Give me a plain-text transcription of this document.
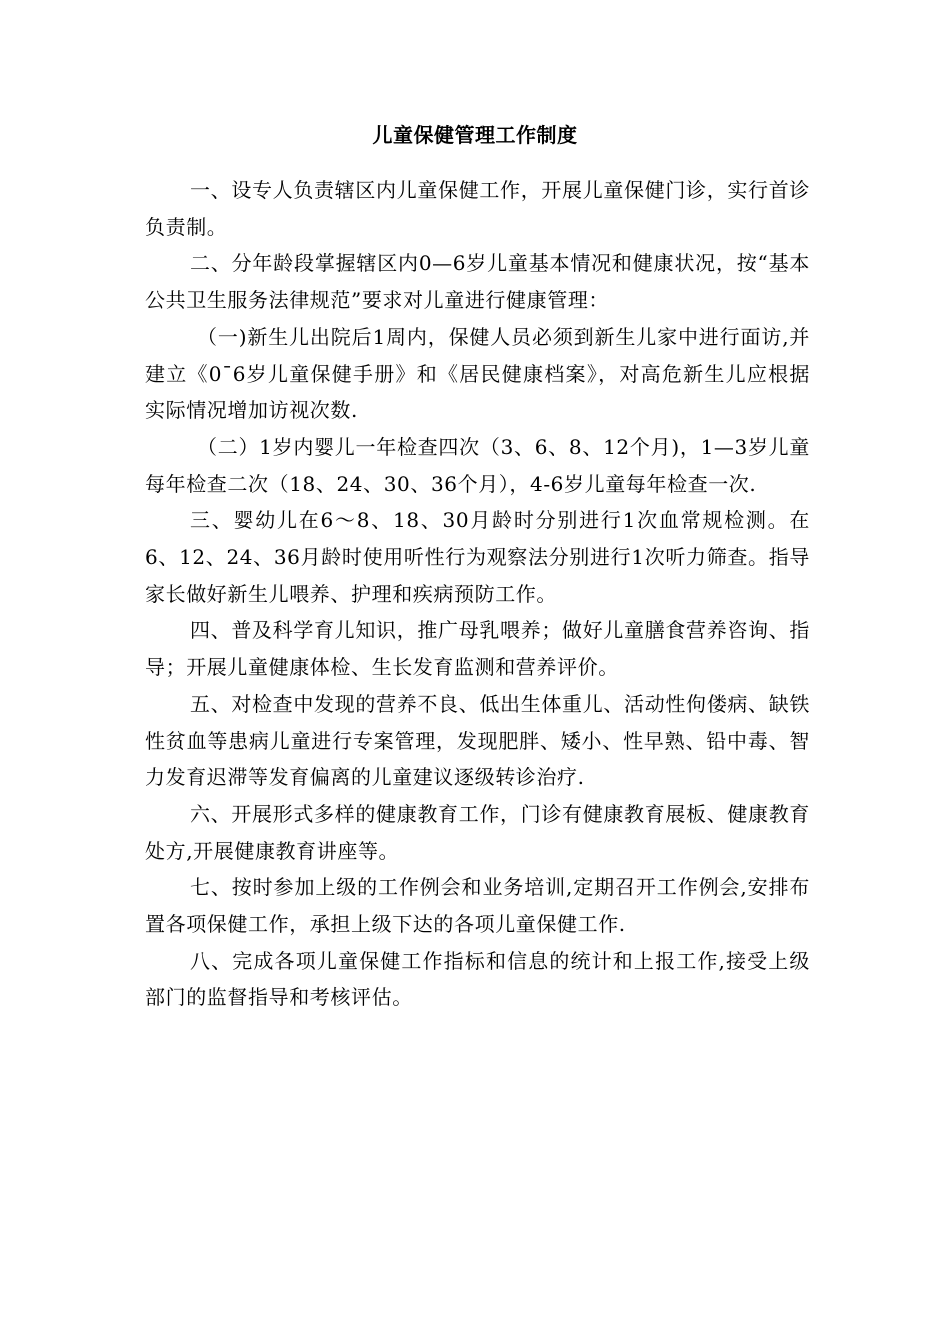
儿童保健管理工作制度

一、设专人负责辖区内儿童保健工作，开展儿童保健门诊，实行首诊负责制。

二、分年龄段掌握辖区内0—6岁儿童基本情况和健康状况，按“基本公共卫生服务法律规范”要求对儿童进行健康管理：

（一)新生儿出院后1周内，保健人员必须到新生儿家中进行面访,并建立《0¯6岁儿童保健手册》和《居民健康档案》，对高危新生儿应根据实际情况增加访视次数.

（二）1岁内婴儿一年检查四次（3、6、8、12个月)，1—3岁儿童每年检查二次（18、24、30、36个月），4-6岁儿童每年检查一次.

三、婴幼儿在6～8、18、30月龄时分别进行1次血常规检测。在6、12、24、36月龄时使用听性行为观察法分别进行1次听力筛查。指导家长做好新生儿喂养、护理和疾病预防工作。

四、普及科学育儿知识，推广母乳喂养；做好儿童膳食营养咨询、指导；开展儿童健康体检、生长发育监测和营养评价。

五、对检查中发现的营养不良、低出生体重儿、活动性佝偻病、缺铁性贫血等患病儿童进行专案管理，发现肥胖、矮小、性早熟、铅中毒、智力发育迟滞等发育偏离的儿童建议逐级转诊治疗.

六、开展形式多样的健康教育工作，门诊有健康教育展板、健康教育处方,开展健康教育讲座等。

七、按时参加上级的工作例会和业务培训,定期召开工作例会,安排布置各项保健工作，承担上级下达的各项儿童保健工作.

八、完成各项儿童保健工作指标和信息的统计和上报工作,接受上级部门的监督指导和考核评估。
